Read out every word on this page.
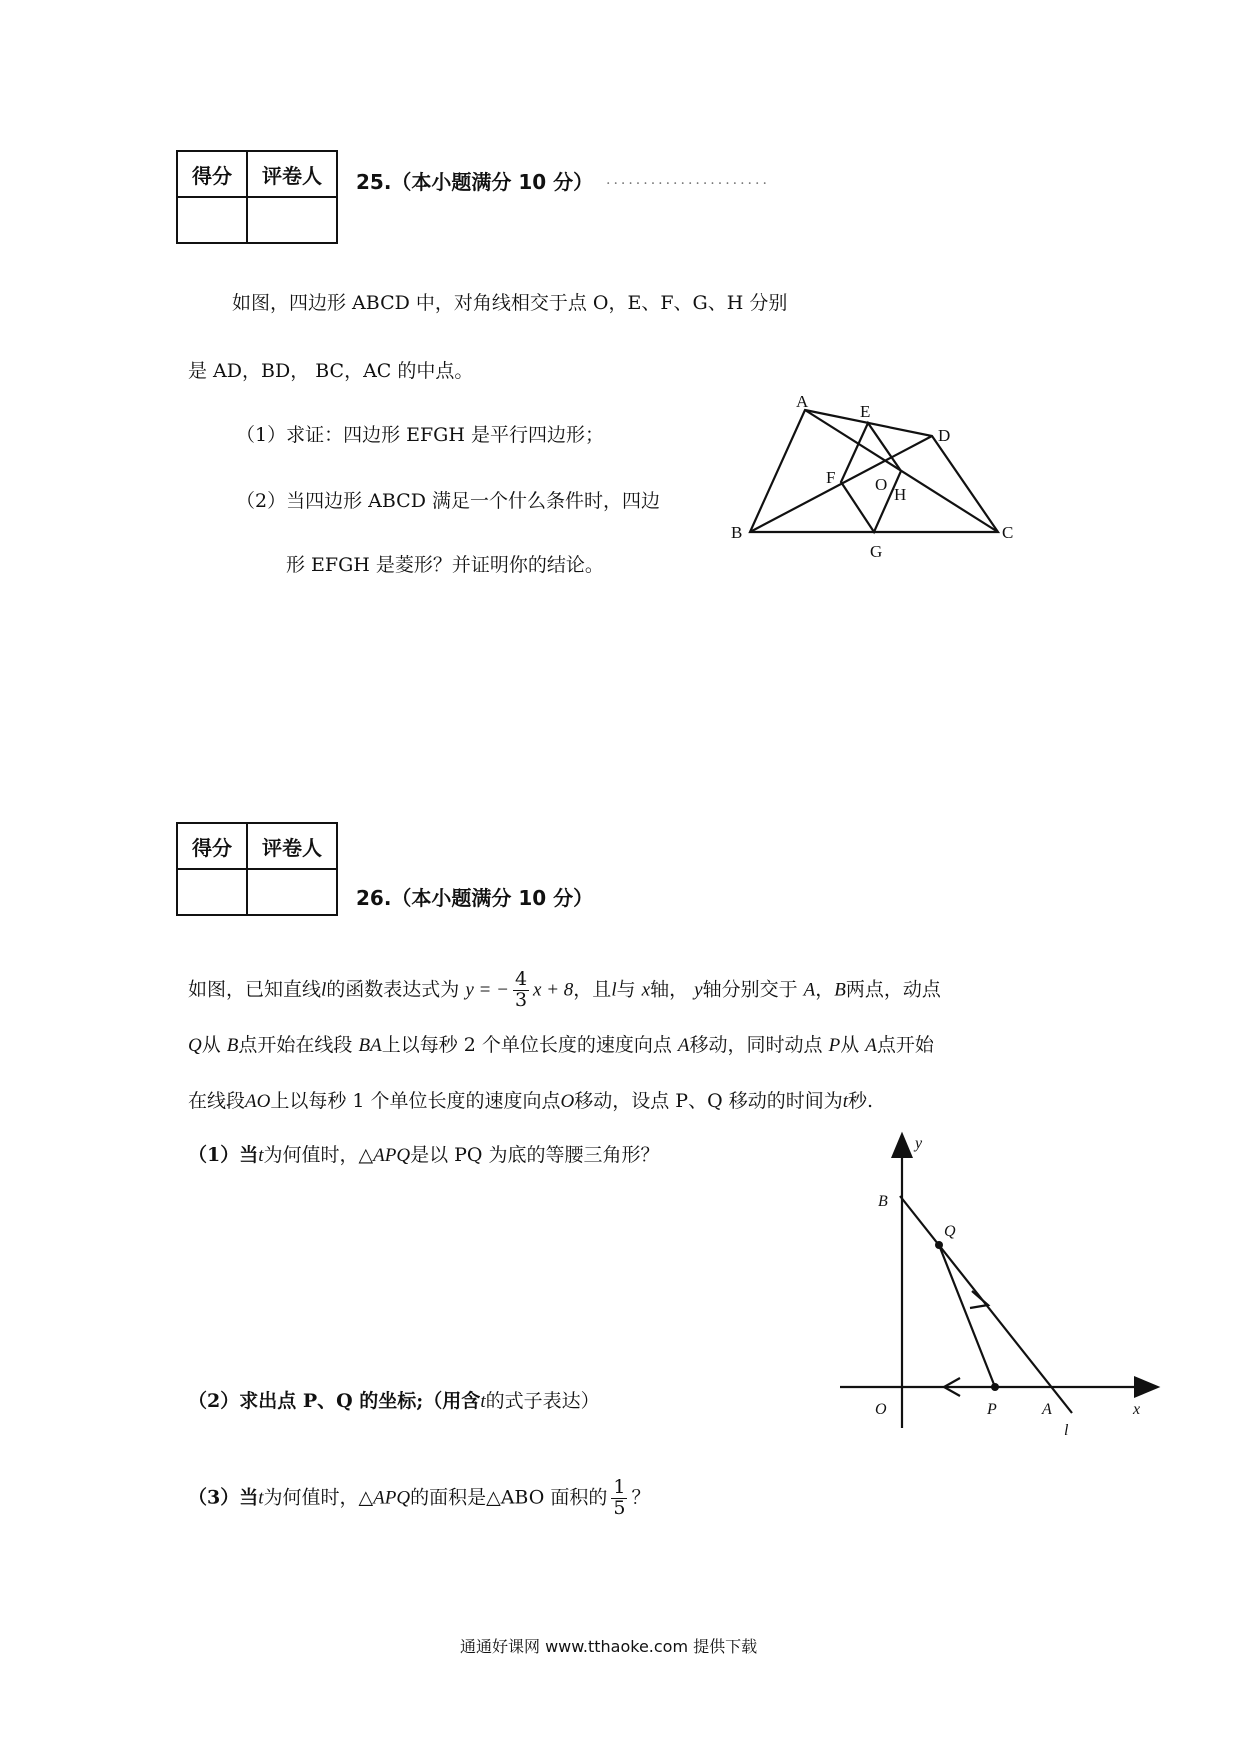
得分	评卷人
	25.（本小题满分 10 分） ......................
如图，四边形 ABCD 中，对角线相交于点 O，E、F、G、H 分别
是 AD，BD， BC，AC 的中点。
（1）求证：四边形 EFGH 是平行四边形；
（2）当四边形 ABCD 满足一个什么条件时，四边
形 EFGH 是菱形？并证明你的结论。
A
B	C
D
E
F
G
H
O
得分	评卷人

26.（本小题满分 10 分）
如图，已知直线l的函数表达式为 y = − $\frac{4}{3}$ x + 8，且l与 x轴， y轴分别交于 A，B两点，动点
Q从 B点开始在线段 BA上以每秒 2 个单位长度的速度向点 A移动，同时动点 P从 A点开始
在线段AO上以每秒 1 个单位长度的速度向点O移动，设点 P、Q 移动的时间为t秒.
（1）当t为何值时，△APQ是以 PQ 为底的等腰三角形？
（2）求出点 P、Q 的坐标;（用含t的式子表达）
（3）当t为何值时，△APQ的面积是△ABO 面积的 $\frac{1}{5}$ ？
y
x
O
B
Q
P	A
l
通通好课网 www.tthaoke.com 提供下载
